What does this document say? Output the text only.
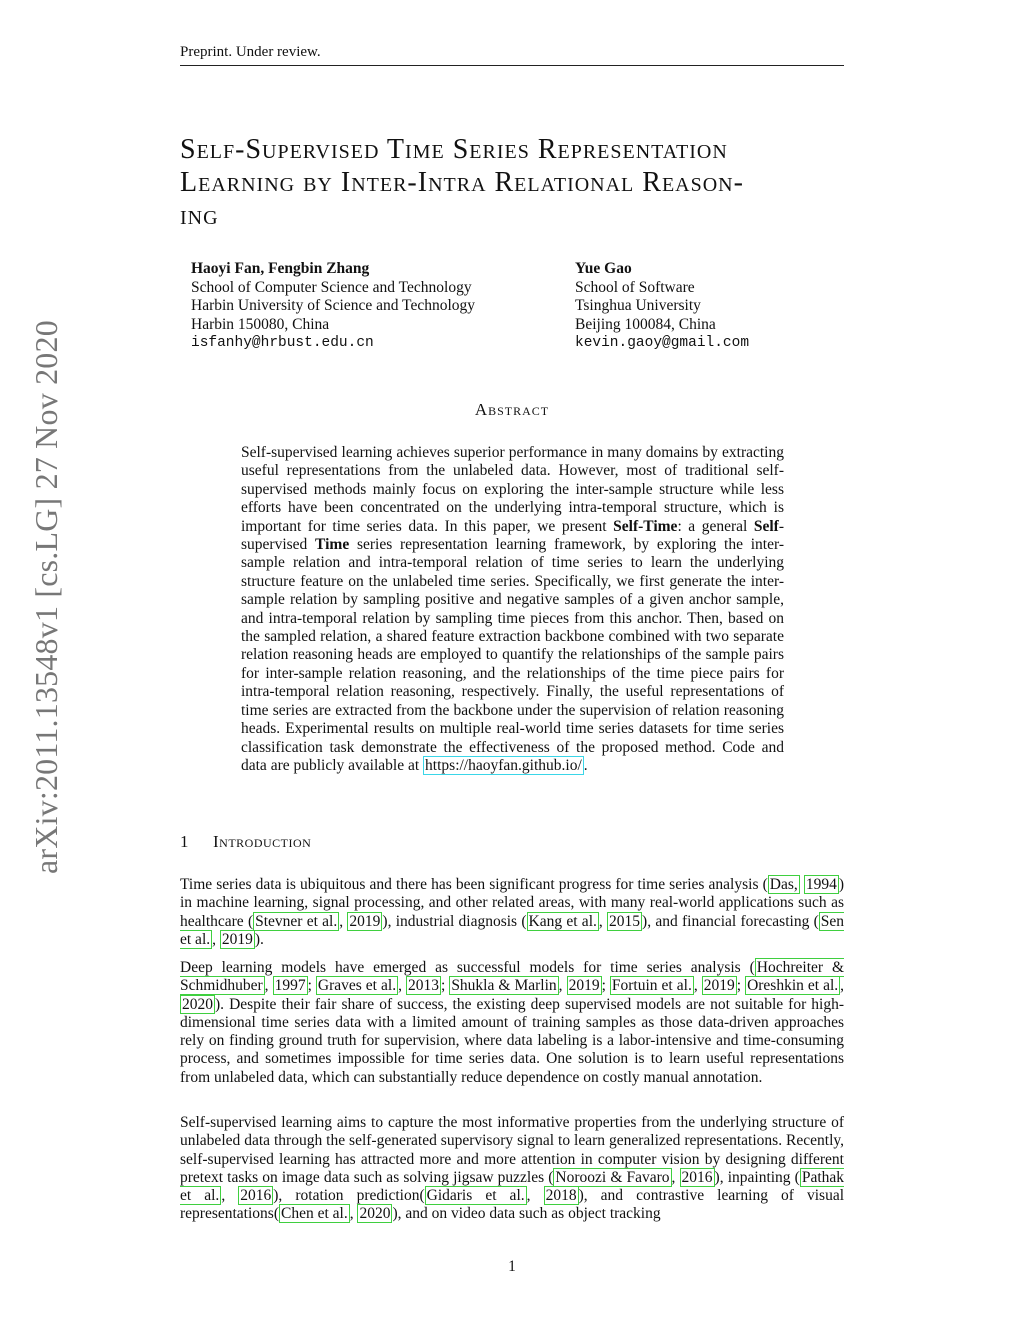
Preprint. Under review.
arXiv:2011.13548v1 [cs.LG] 27 Nov 2020
Self-Supervised Time Series Representation
Learning by Inter-Intra Relational Reason-
ing
Haoyi Fan, Fengbin Zhang
School of Computer Science and Technology
Harbin University of Science and Technology
Harbin 150080, China
isfanhy@hrbust.edu.cn
Yue Gao
School of Software
Tsinghua University
Beijing 100084, China
kevin.gaoy@gmail.com
Abstract
Self-supervised learning achieves superior performance in many domains by extracting useful representations from the unlabeled data. However, most of traditional self-supervised methods mainly focus on exploring the inter-sample structure while less efforts have been concentrated on the underlying intra-temporal structure, which is important for time series data. In this paper, we present Self-Time: a general Self-supervised Time series representation learning framework, by exploring the inter-sample relation and intra-temporal relation of time series to learn the underlying structure feature on the unlabeled time series. Specifically, we first generate the inter-sample relation by sampling positive and negative samples of a given anchor sample, and intra-temporal relation by sampling time pieces from this anchor. Then, based on the sampled relation, a shared feature extraction backbone combined with two separate relation reasoning heads are employed to quantify the relationships of the sample pairs for inter-sample relation reasoning, and the relationships of the time piece pairs for intra-temporal relation reasoning, respectively. Finally, the useful representations of time series are extracted from the backbone under the supervision of relation reasoning heads. Experimental results on multiple real-world time series datasets for time series classification task demonstrate the effectiveness of the proposed method. Code and data are publicly available at https://haoyfan.github.io/ .
1 Introduction
Time series data is ubiquitous and there has been significant progress for time series analysis ( Das, 1994 ) in machine learning, signal processing, and other related areas, with many real-world applications such as healthcare ( Stevner et al. , 2019 ), industrial diagnosis ( Kang et al. , 2015 ), and financial forecasting ( Sen et al. , 2019 ).
Deep learning models have emerged as successful models for time series analysis ( Hochreiter & Schmidhuber , 1997 ; Graves et al. , 2013 ; Shukla & Marlin , 2019 ; Fortuin et al. , 2019 ; Oreshkin et al. , 2020 ). Despite their fair share of success, the existing deep supervised models are not suitable for high-dimensional time series data with a limited amount of training samples as those data-driven approaches rely on finding ground truth for supervision, where data labeling is a labor-intensive and time-consuming process, and sometimes impossible for time series data. One solution is to learn useful representations from unlabeled data, which can substantially reduce dependence on costly manual annotation.
Self-supervised learning aims to capture the most informative properties from the underlying structure of unlabeled data through the self-generated supervisory signal to learn generalized representations. Recently, self-supervised learning has attracted more and more attention in computer vision by designing different pretext tasks on image data such as solving jigsaw puzzles ( Noroozi & Favaro , 2016 ), inpainting ( Pathak et al. , 2016 ), rotation prediction( Gidaris et al. , 2018 ), and contrastive learning of visual representations( Chen et al. , 2020 ), and on video data such as object tracking
1
